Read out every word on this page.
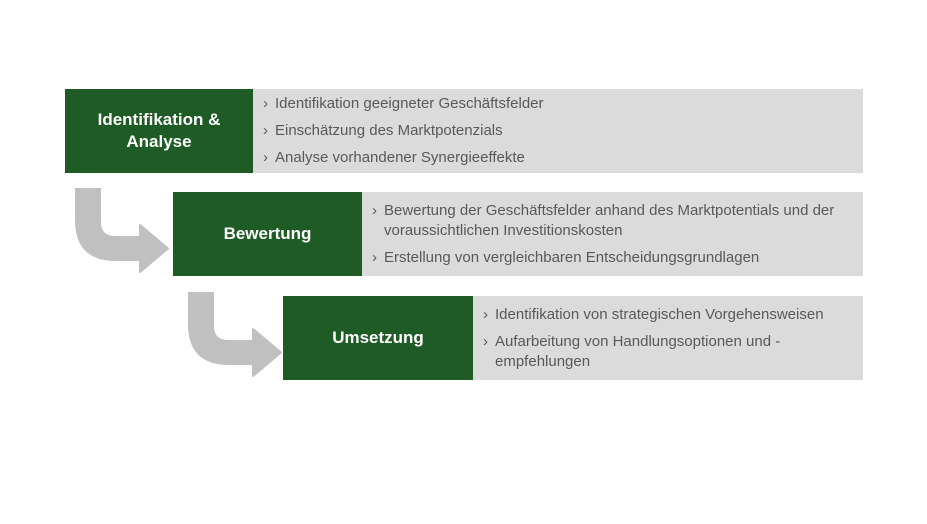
Identifikation & Analyse
› Identifikation geeigneter Geschäftsfelder
› Einschätzung des Marktpotenzials
› Analyse vorhandener Synergieeffekte
Bewertung
› Bewertung der Geschäftsfelder anhand des Marktpotentials und der voraussichtlichen Investitionskosten
› Erstellung von vergleichbaren Entscheidungsgrundlagen
Umsetzung
› Identifikation von strategischen Vorgehensweisen
› Aufarbeitung von Handlungsoptionen und -empfehlungen
